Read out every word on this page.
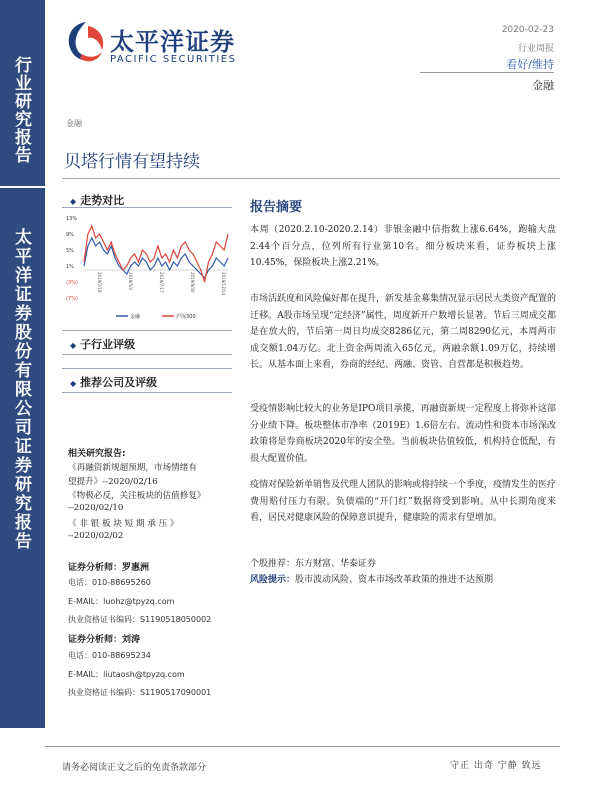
行业研究报告
太平洋证券股份有限公司证券研究报告
太平洋证券
PACIFIC SECURITIES
2020-02-23
行业周报
看好/维持
金融
金融
贝塔行情有望持续
◆ 走势对比
13%
9%
5%
1%
(3%)
(7%)
2019/2/18	2019/5/3	2019/7/17	2019/9/30	2019/12/14
金融	沪深300
◆ 子行业评级
◆ 推荐公司及评级
相关研究报告:
《再融资新规超预期，市场情绪有
望提升》--2020/02/16
《物极必反，关注板块的估值修复》
--2020/02/10
《 非 银 板 块 短 期 承 压 》
--2020/02/02
证券分析师：罗惠洲
电话：010-88695260
E-MAIL：luohz@tpyzq.com
执业资格证书编码：S1190518050002
证券分析师：刘涛
电话：010-88695234
E-MAIL：liutaosh@tpyzq.com
执业资格证书编码：S1190517090001
报告摘要
本周（2020.2.10-2020.2.14）非银金融中信指数上涨6.64%，跑输大盘2.44个百分点，位列所有行业第10名。细分板块来看，证券板块上涨10.45%，保险板块上涨2.21%。
市场活跃度和风险偏好都在提升，新发基金募集情况显示居民大类资产配置的迁移。A股市场呈现“定经济”属性，周度新开户数增长显著。节后三周成交都是在放大的，节后第一周日均成交8286亿元，第二周8290亿元，本周两市成交额1.04万亿。北上资金两周流入65亿元，两融余额1.09万亿，持续增长。从基本面上来看，券商的经纪、两融、资管、自营都是积极趋势。
受疫情影响比较大的业务是IPO项目承揽，再融资新规一定程度上将弥补这部分业绩下降。板块整体市净率（2019E）1.6倍左右。流动性和资本市场深改政策将是券商板块2020年的安全垫。当前板块估值较低，机构持仓低配，有很大配置价值。
疫情对保险新单销售及代理人团队的影响或将持续一个季度，疫情发生的医疗费用赔付压力有限。负债端的“开门红”数据将受到影响。从中长期角度来看，居民对健康风险的保障意识提升，健康险的需求有望增加。
个股推荐：东方财富、华泰证券
风险提示：股市波动风险、资本市场改革政策的推进不达预期
请务必阅读正文之后的免责条款部分	守正 出奇 宁静 致远
